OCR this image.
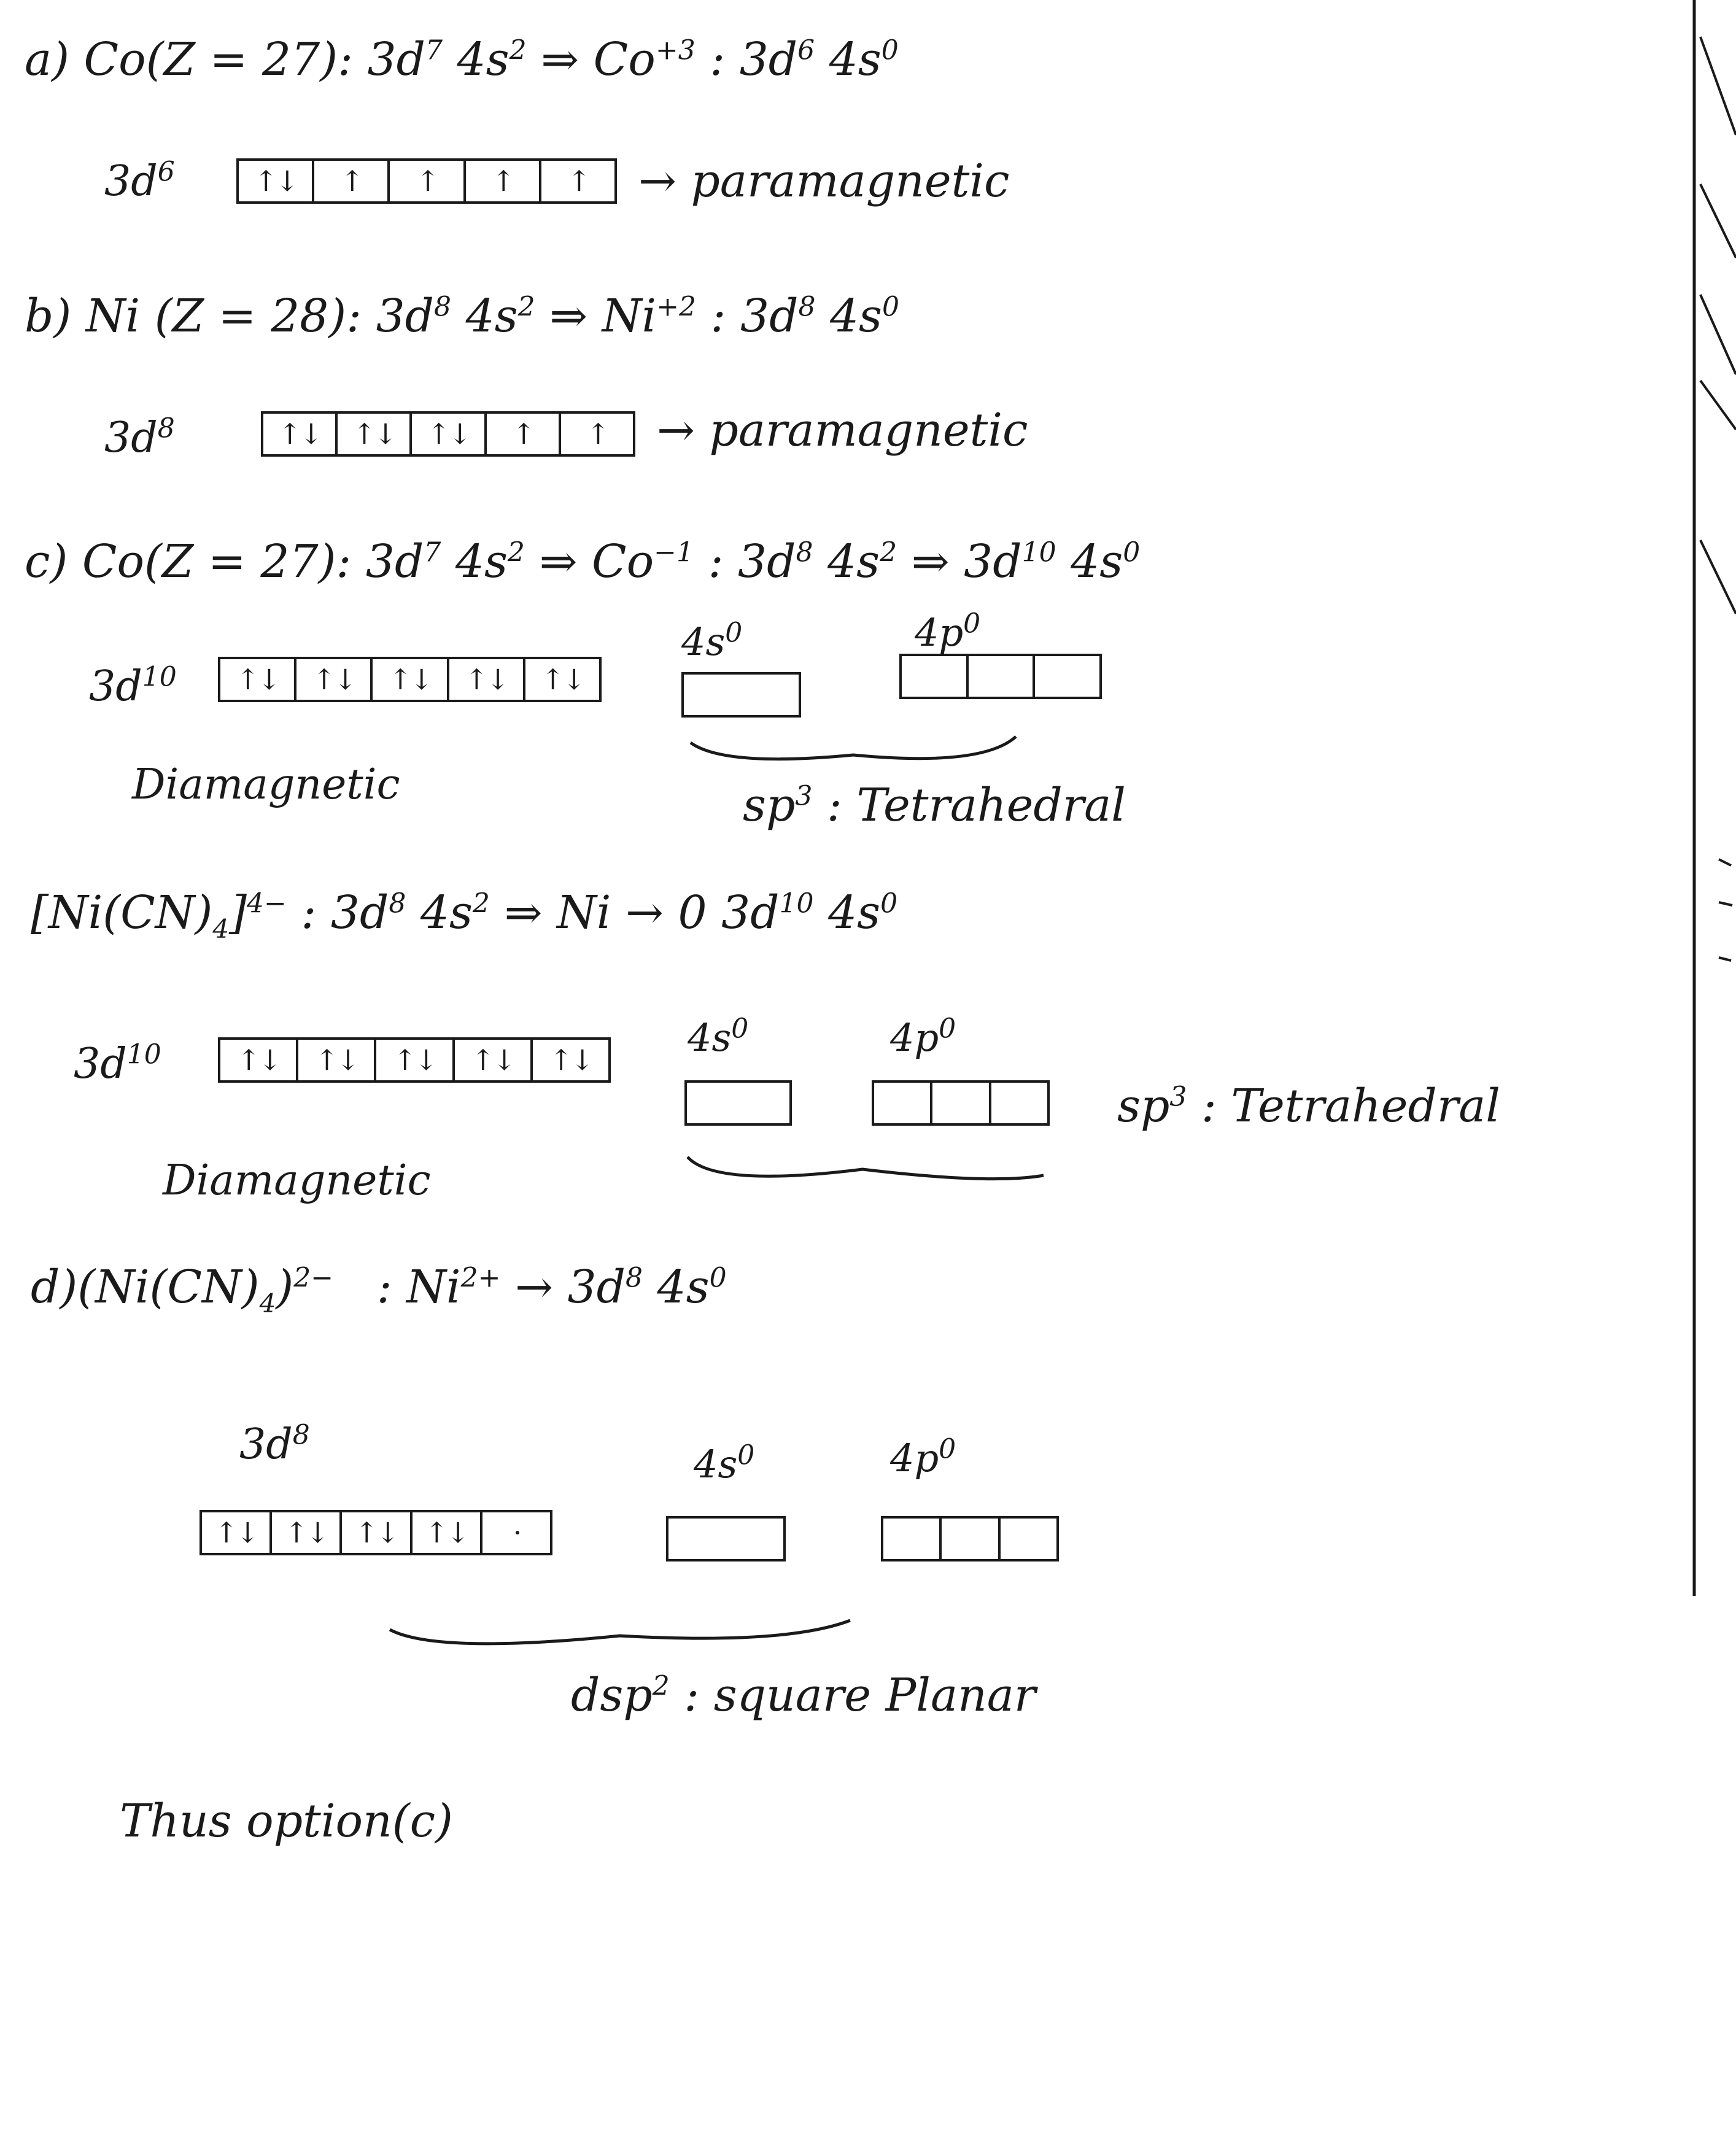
a) Co(Z = 27): $3d^7$ $4s^2$ ⇒ $Co^{+3}$ : $3d^6$ $4s^0$
$3d^6$	↑↓	↑	↑	↑	↑	→ paramagnetic
b) Ni (Z = 28): $3d^8$ $4s^2$ ⇒ $Ni^{+2}$ : $3d^8$ $4s^0$
$3d^8$	↑↓	↑↓	↑↓	↑	↑	→ paramagnetic
c) Co(Z = 27): $3d^7$ $4s^2$ ⇒ $Co^{-1}$ : $3d^8$ $4s^2$ ⇒ $3d^{10}$ $4s^0$
$4s^0$	$4p^0$
$3d^{10}$	↑↓	↑↓	↑↓	↑↓	↑↓
Diamagnetic	$sp^3$ : Tetrahedral
$[Ni(CN)_4]^{4-}$ : $3d^8$ $4s^2$ ⇒ Ni → 0 $3d^{10}$ $4s^0$
$4s^0$	$4p^0$
$3d^{10}$	↑↓	↑↓	↑↓	↑↓	↑↓
$sp^3$ : Tetrahedral
Diamagnetic
$d)(Ni(CN)_4)^{2-}$ : $Ni^{2+} \to 3d^8$ $4s^0$
$3d^8$
$4s^0$	$4p^0$
↑↓ ↑↓ ↑↓ ↑↓	·
dsp$^2$ : square Planar
Thus option(c)
